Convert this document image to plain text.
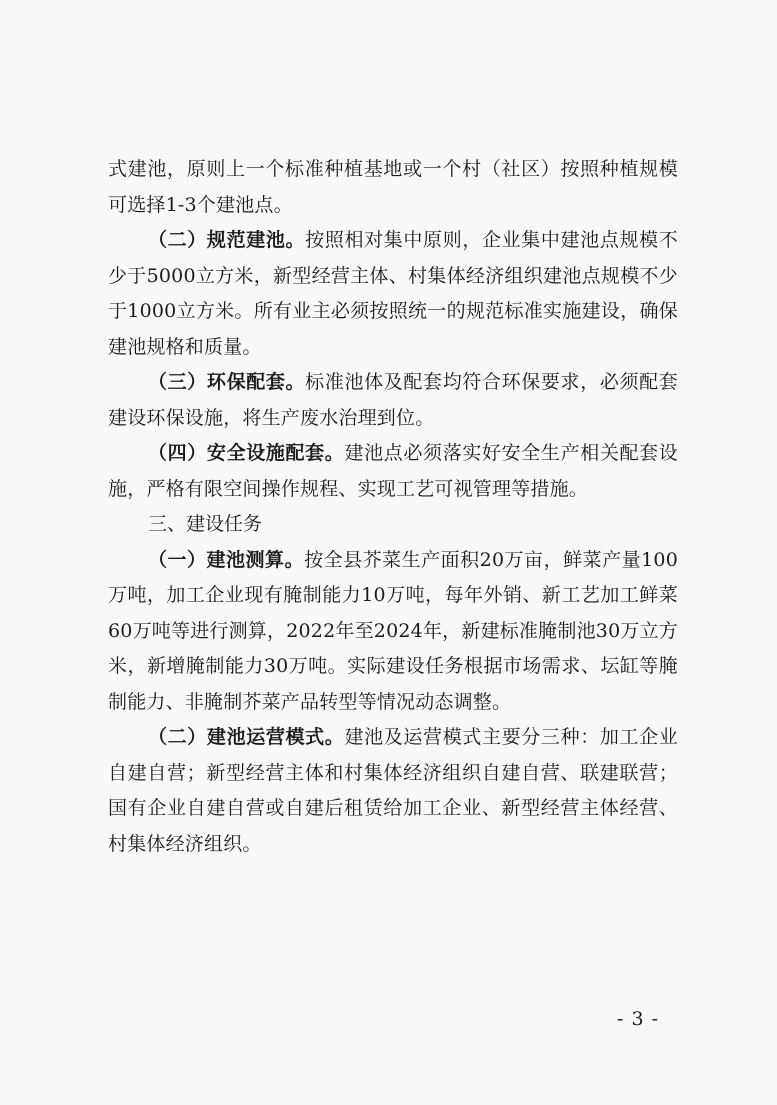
式建池，原则上一个标准种植基地或一个村（社区）按照种植规模可选择1-3个建池点。

（二）规范建池。按照相对集中原则，企业集中建池点规模不少于5000立方米，新型经营主体、村集体经济组织建池点规模不少于1000立方米。所有业主必须按照统一的规范标准实施建设，确保建池规格和质量。

（三）环保配套。标准池体及配套均符合环保要求，必须配套建设环保设施，将生产废水治理到位。

（四）安全设施配套。建池点必须落实好安全生产相关配套设施，严格有限空间操作规程、实现工艺可视管理等措施。

三、建设任务

（一）建池测算。按全县芥菜生产面积20万亩，鲜菜产量100万吨，加工企业现有腌制能力10万吨，每年外销、新工艺加工鲜菜60万吨等进行测算，2022年至2024年，新建标准腌制池30万立方米，新增腌制能力30万吨。实际建设任务根据市场需求、坛缸等腌制能力、非腌制芥菜产品转型等情况动态调整。

（二）建池运营模式。建池及运营模式主要分三种：加工企业自建自营；新型经营主体和村集体经济组织自建自营、联建联营；国有企业自建自营或自建后租赁给加工企业、新型经营主体经营、村集体经济组织。

- 3 -
